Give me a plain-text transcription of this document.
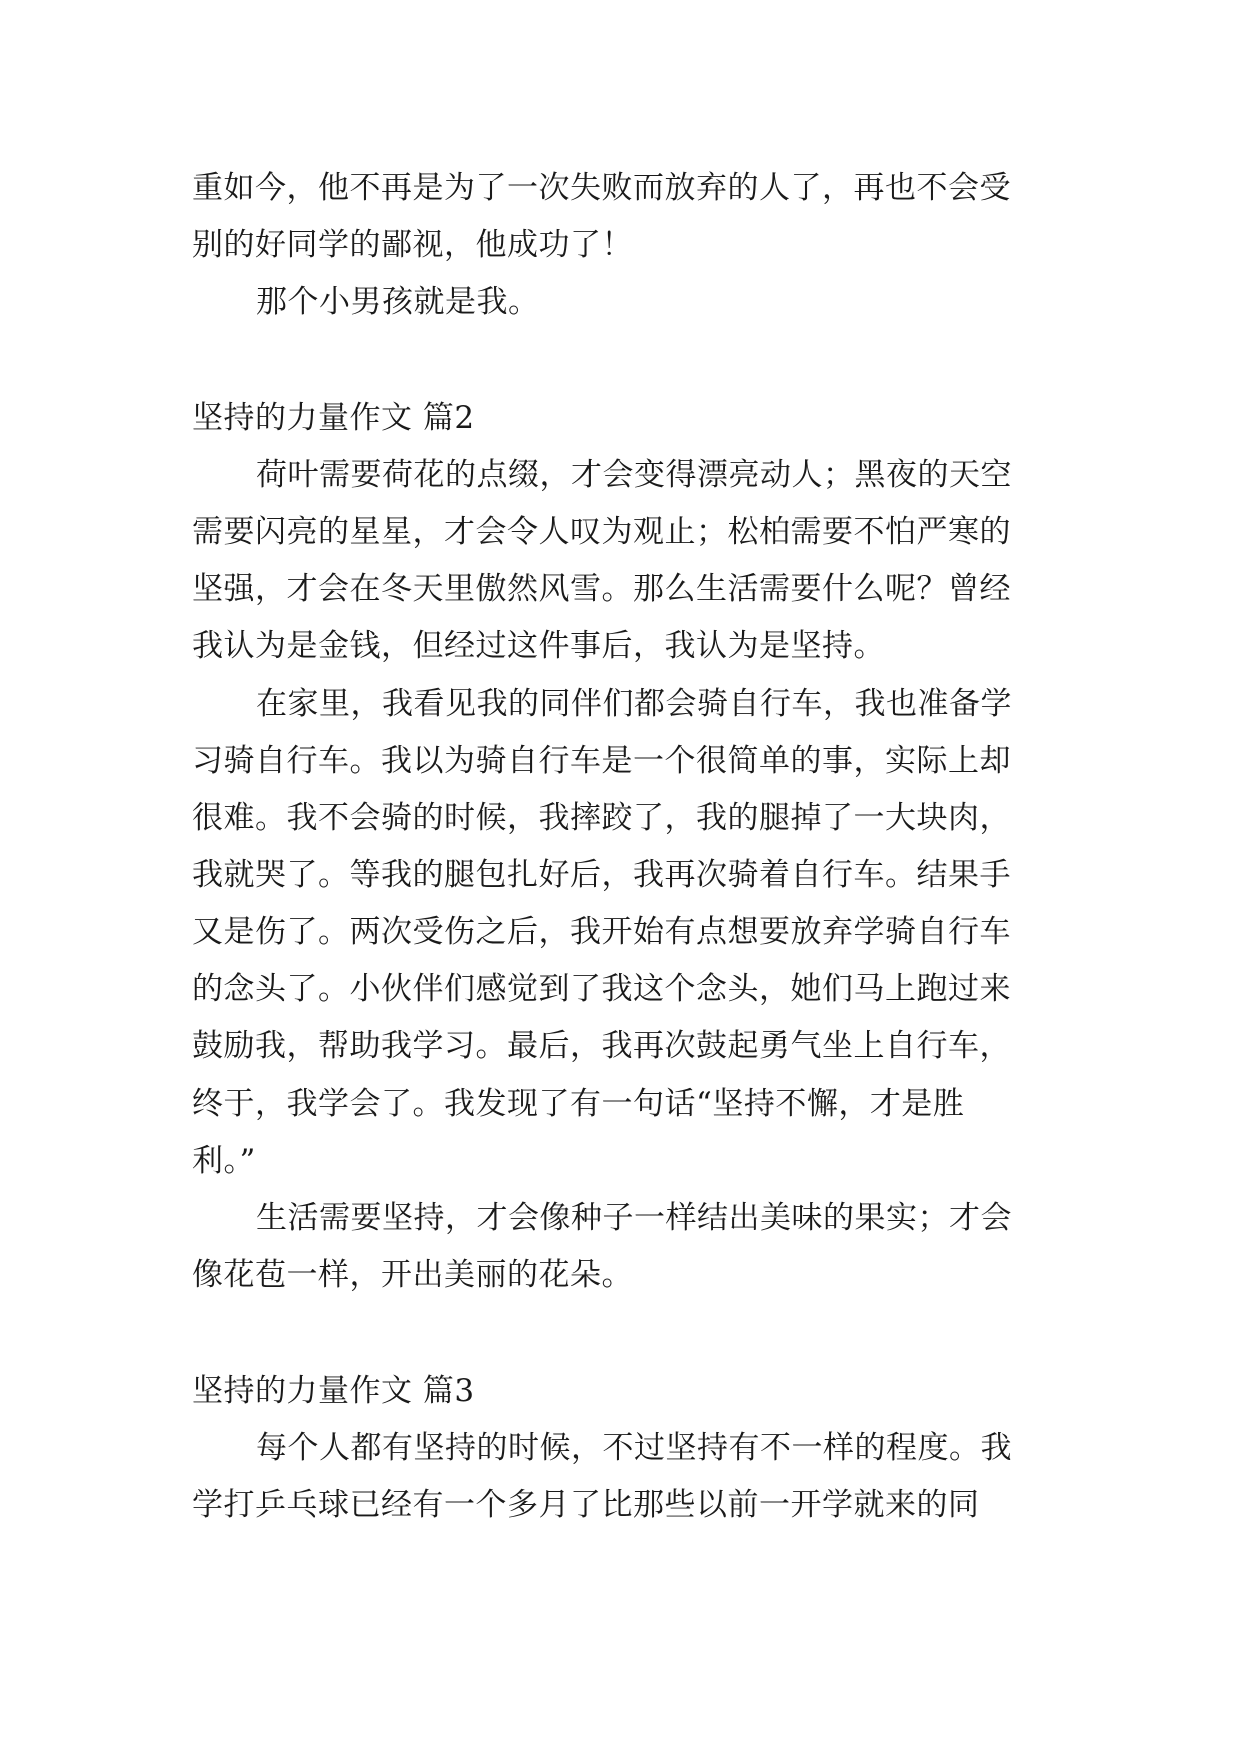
重如今，他不再是为了一次失败而放弃的人了，再也不会受
别的好同学的鄙视，他成功了！
那个小男孩就是我。
坚持的力量作文 篇2
荷叶需要荷花的点缀，才会变得漂亮动人；黑夜的天空
需要闪亮的星星，才会令人叹为观止；松柏需要不怕严寒的
坚强，才会在冬天里傲然风雪。那么生活需要什么呢？曾经
我认为是金钱，但经过这件事后，我认为是坚持。
在家里，我看见我的同伴们都会骑自行车，我也准备学
习骑自行车。我以为骑自行车是一个很简单的事，实际上却
很难。我不会骑的时候，我摔跤了，我的腿掉了一大块肉，
我就哭了。等我的腿包扎好后，我再次骑着自行车。结果手
又是伤了。两次受伤之后，我开始有点想要放弃学骑自行车
的念头了。小伙伴们感觉到了我这个念头，她们马上跑过来
鼓励我，帮助我学习。最后，我再次鼓起勇气坐上自行车，
终于，我学会了。我发现了有一句话“坚持不懈，才是胜
利。”
生活需要坚持，才会像种子一样结出美味的果实；才会
像花苞一样，开出美丽的花朵。
坚持的力量作文 篇3
每个人都有坚持的时候，不过坚持有不一样的程度。我
学打乒乓球已经有一个多月了比那些以前一开学就来的同
